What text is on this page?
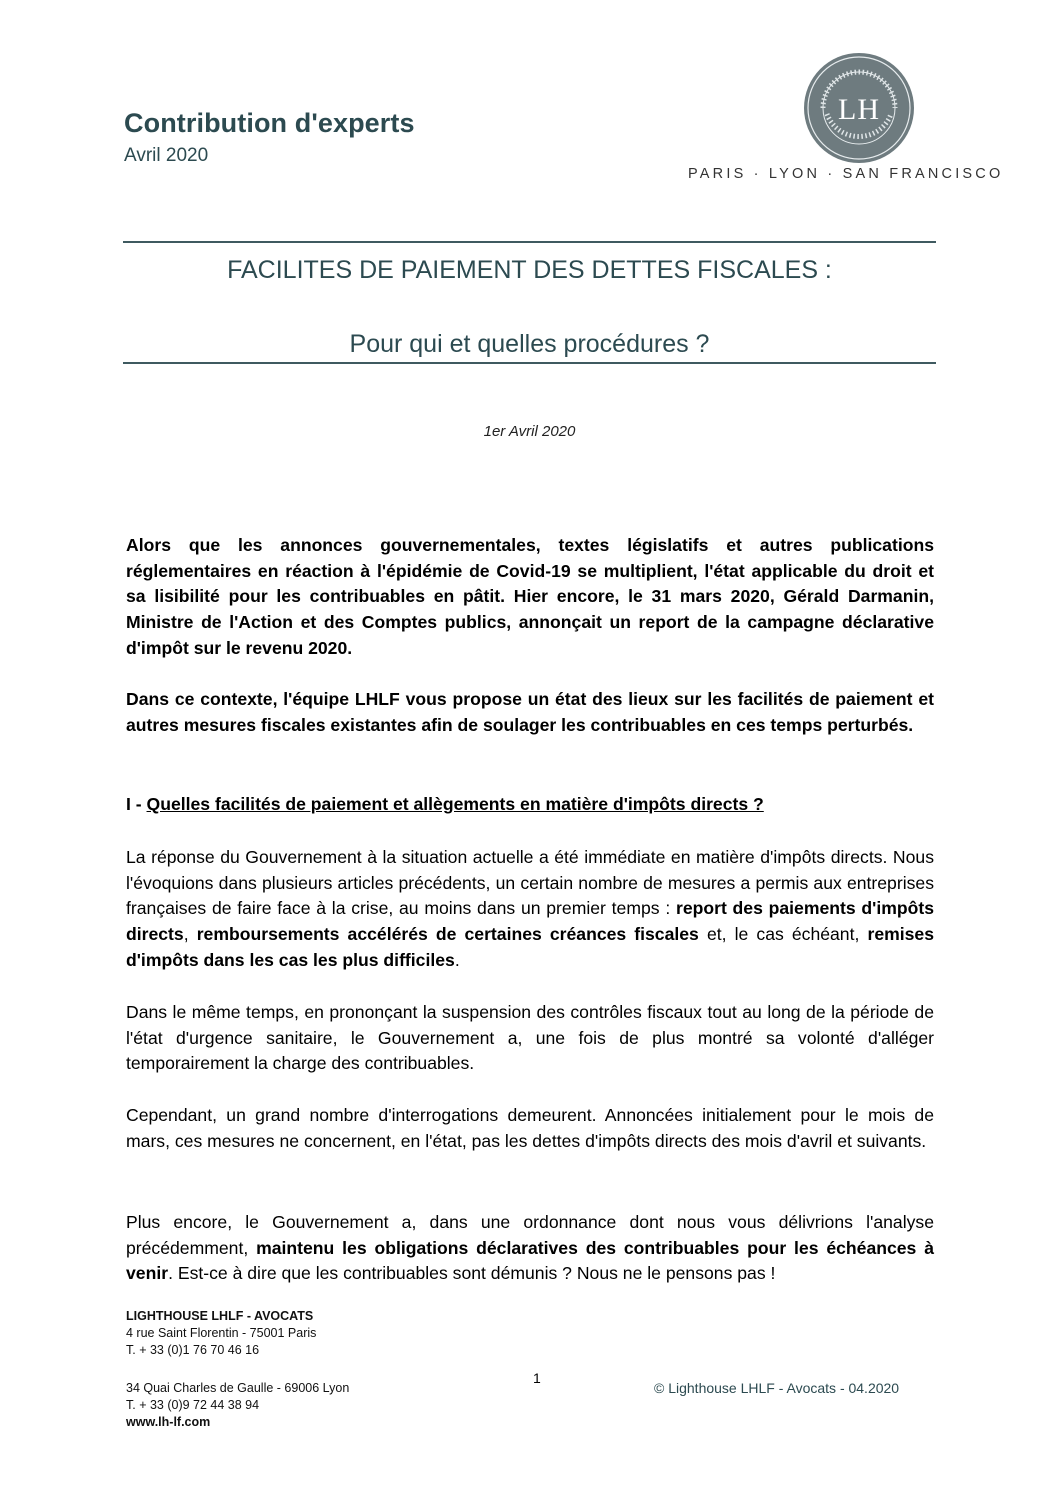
Contribution d'experts
Avril 2020
LH
PARIS · LYON · SAN FRANCISCO
FACILITES DE PAIEMENT DES DETTES FISCALES :
Pour qui et quelles procédures ?
1er Avril 2020
Alors que les annonces gouvernementales, textes législatifs et autres publications réglementaires en réaction à l'épidémie de Covid-19 se multiplient, l'état applicable du droit et sa lisibilité pour les contribuables en pâtit. Hier encore, le 31 mars 2020, Gérald Darmanin, Ministre de l'Action et des Comptes publics, annonçait un report de la campagne déclarative d'impôt sur le revenu 2020.
Dans ce contexte, l'équipe LHLF vous propose un état des lieux sur les facilités de paiement et autres mesures fiscales existantes afin de soulager les contribuables en ces temps perturbés.
I - Quelles facilités de paiement et allègements en matière d'impôts directs ?
La réponse du Gouvernement à la situation actuelle a été immédiate en matière d'impôts directs. Nous l'évoquions dans plusieurs articles précédents, un certain nombre de mesures a permis aux entreprises françaises de faire face à la crise, au moins dans un premier temps : report des paiements d'impôts directs, remboursements accélérés de certaines créances fiscales et, le cas échéant, remises d'impôts dans les cas les plus difficiles.
Dans le même temps, en prononçant la suspension des contrôles fiscaux tout au long de la période de l'état d'urgence sanitaire, le Gouvernement a, une fois de plus montré sa volonté d'alléger temporairement la charge des contribuables.
Cependant, un grand nombre d'interrogations demeurent. Annoncées initialement pour le mois de mars, ces mesures ne concernent, en l'état, pas les dettes d'impôts directs des mois d'avril et suivants.
Plus encore, le Gouvernement a, dans une ordonnance dont nous vous délivrions l'analyse précédemment, maintenu les obligations déclaratives des contribuables pour les échéances à venir. Est-ce à dire que les contribuables sont démunis ? Nous ne le pensons pas !
LIGHTHOUSE LHLF - AVOCATS
4 rue Saint Florentin - 75001 Paris
T. + 33 (0)1 76 70 46 16
34 Quai Charles de Gaulle - 69006 Lyon
T. + 33 (0)9 72 44 38 94
www.lh-lf.com
1
© Lighthouse LHLF - Avocats - 04.2020
